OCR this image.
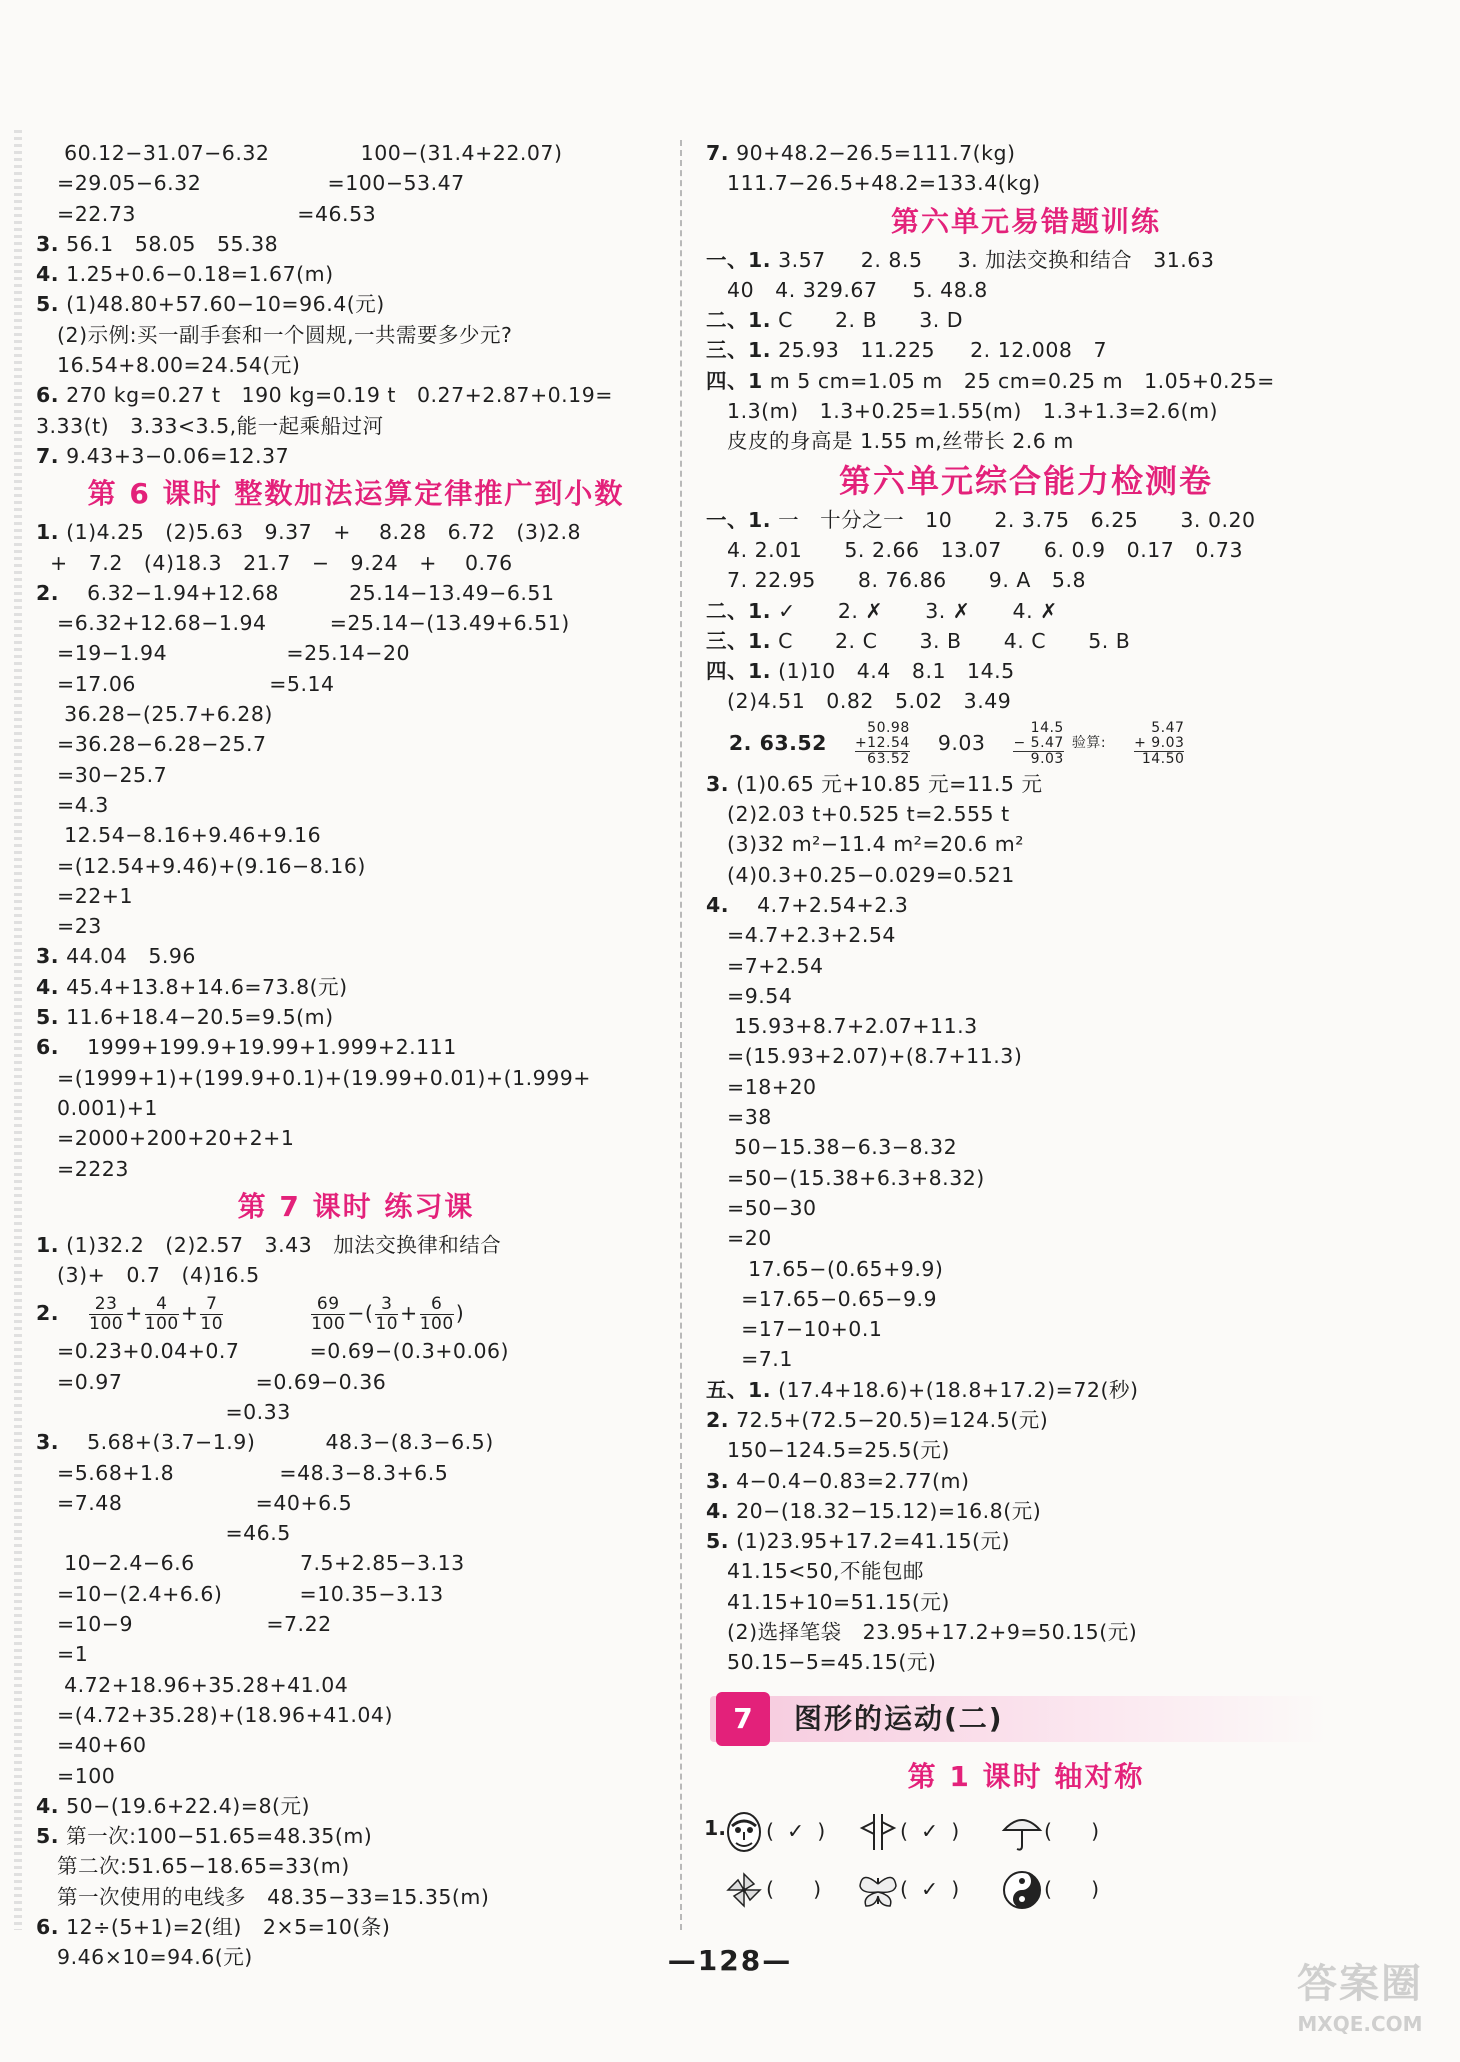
60.12−31.07−6.32             100−(31.4+22.07)
=29.05−6.32                  =100−53.47
=22.73                       =46.53
3. 56.1   58.05   55.38
4. 1.25+0.6−0.18=1.67(m)
5. (1)48.80+57.60−10=96.4(元)
(2)示例:买一副手套和一个圆规,一共需要多少元?
16.54+8.00=24.54(元)
6. 270 kg=0.27 t   190 kg=0.19 t   0.27+2.87+0.19=
3.33(t)   3.33<3.5,能一起乘船过河
7. 9.43+3−0.06=12.37
第 6 课时 整数加法运算定律推广到小数
1. (1)4.25   (2)5.63   9.37   +    8.28   6.72   (3)2.8
+   7.2   (4)18.3   21.7   −   9.24   +    0.76
2.    6.32−1.94+12.68          25.14−13.49−6.51
=6.32+12.68−1.94         =25.14−(13.49+6.51)
=19−1.94                 =25.14−20
=17.06                   =5.14
36.28−(25.7+6.28)
=36.28−6.28−25.7
=30−25.7
=4.3
12.54−8.16+9.46+9.16
=(12.54+9.46)+(9.16−8.16)
=22+1
=23
3. 44.04   5.96
4. 45.4+13.8+14.6=73.8(元)
5. 11.6+18.4−20.5=9.5(m)
6.    1999+199.9+19.99+1.999+2.111
=(1999+1)+(199.9+0.1)+(19.99+0.01)+(1.999+
0.001)+1
=2000+200+20+2+1
=2223
第 7 课时 练习课
1. (1)32.2   (2)2.57   3.43   加法交换律和结合
(3)+   0.7   (4)16.5
2. $\frac{23}{100}+ \frac{4}{100}+ \frac{7}{10}$	$\frac{69}{100}-( \frac{3}{10}+ \frac{6}{100})$
=0.23+0.04+0.7          =0.69−(0.3+0.06)
=0.97                   =0.69−0.36
=0.33
3.    5.68+(3.7−1.9)          48.3−(8.3−6.5)
=5.68+1.8               =48.3−8.3+6.5
=7.48                   =40+6.5
=46.5
10−2.4−6.6               7.5+2.85−3.13
=10−(2.4+6.6)           =10.35−3.13
=10−9                   =7.22
=1
4.72+18.96+35.28+41.04
=(4.72+35.28)+(18.96+41.04)
=40+60
=100
4. 50−(19.6+22.4)=8(元)
5. 第一次:100−51.65=48.35(m)
第二次:51.65−18.65=33(m)
第一次使用的电线多   48.35−33=15.35(m)
6. 12÷(5+1)=2(组)   2×5=10(条)
9.46×10=94.6(元)
7. 90+48.2−26.5=111.7(kg)
111.7−26.5+48.2=133.4(kg)
第六单元易错题训练
一、1. 3.57     2. 8.5     3. 加法交换和结合   31.63
40   4. 329.67     5. 48.8
二、1. C      2. B      3. D
三、1. 25.93   11.225     2. 12.008   7
四、1 m 5 cm=1.05 m   25 cm=0.25 m   1.05+0.25=
1.3(m)   1.3+0.25=1.55(m)   1.3+1.3=2.6(m)
皮皮的身高是 1.55 m,丝带长 2.6 m
第六单元综合能力检测卷
一、1. 一   十分之一   10      2. 3.75   6.25      3. 0.20
4. 2.01      5. 2.66   13.07      6. 0.9   0.17   0.73
7. 22.95      8. 76.86      9. A   5.8
二、1. ✓      2. ✗      3. ✗      4. ✗
三、1. C      2. C      3. B      4. C      5. B
四、1. (1)10   4.4   8.1   14.5
(2)4.51   0.82   5.02   3.49
2. 63.52
50.98
+12.54
63.52
9.03
14.5
− 5.47
9.03
验算:
5.47
+ 9.03
14.50
3. (1)0.65 元+10.85 元=11.5 元
(2)2.03 t+0.525 t=2.555 t
(3)32 m²−11.4 m²=20.6 m²
(4)0.3+0.25−0.029=0.521
4.    4.7+2.54+2.3
=4.7+2.3+2.54
=7+2.54
=9.54
15.93+8.7+2.07+11.3
=(15.93+2.07)+(8.7+11.3)
=18+20
=38
50−15.38−6.3−8.32
=50−(15.38+6.3+8.32)
=50−30
=20
17.65−(0.65+9.9)
=17.65−0.65−9.9
=17−10+0.1
=7.1
五、1. (17.4+18.6)+(18.8+17.2)=72(秒)
2. 72.5+(72.5−20.5)=124.5(元)
150−124.5=25.5(元)
3. 4−0.4−0.83=2.77(m)
4. 20−(18.32−15.12)=16.8(元)
5. (1)23.95+17.2=41.15(元)
41.15<50,不能包邮
41.15+10=51.15(元)
(2)选择笔袋   23.95+17.2+9=50.15(元)
50.15−5=45.15(元)
7	图形的运动(二)
第 1 课时 轴对称
1.	(  ✓  )	(  ✓  )	(      )
(      )	(  ✓  )	(      )
—128—
答案圈
MXQE.COM
